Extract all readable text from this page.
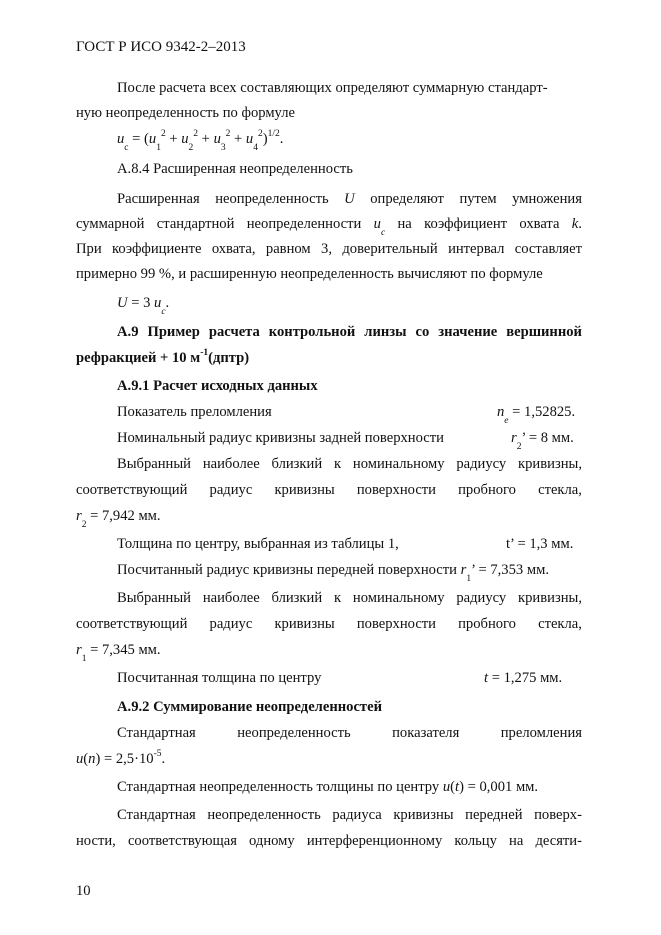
ГОСТ Р ИСО 9342-2–2013
После расчета всех составляющих определяют суммарную стандарт-
ную неопределенность по формуле
$u_c = (u_1^2 + u_2^2 + u_3^2 + u_4^2)^{1/2}$.
А.8.4 Расширенная неопределенность
Расширенная неопределенность U определяют путем умножения
суммарной стандартной неопределенности $u_c$
на коэффициент охвата k.
При коэффициенте охвата, равном 3, доверительный интервал составляет
примерно 99 %, и расширенную неопределенность вычисляют по формуле
U = 3 $u_c$.
А.9 Пример расчета контрольной линзы со значение вершинной
рефракцией + 10 $м^{-1}(дптр)$
А.9.1 Расчет исходных данных
Показатель преломления	$n_e = 1,52825$.
Номинальный радиус кривизны задней поверхности	$r_2$’ = 8 мм.
Выбранный наиболее близкий к номинальному радиусу кривизны,
соответствующий радиус кривизны поверхности пробного стекла,
$r_2 = 7,942$ мм.
Толщина по центру, выбранная из таблицы 1,	t’ = 1,3 мм.
Посчитанный радиус кривизны передней поверхности $r_1$’ = 7,353 мм.
Выбранный наиболее близкий к номинальному радиусу кривизны,
соответствующий радиус кривизны поверхности пробного стекла,
$r_1 = 7,345$ мм.
Посчитанная толщина по центру	t = 1,275 мм.
А.9.2 Суммирование неопределенностей
Стандартная	неопределенность	показателя	преломления
$u(n) = 2,5\cdot 10^{-5}$.
Стандартная неопределенность толщины по центру u(t) = 0,001 мм.
Стандартная неопределенность радиуса кривизны передней поверх-
ности, соответствующая одному интерференционному кольцу на десяти-
10
